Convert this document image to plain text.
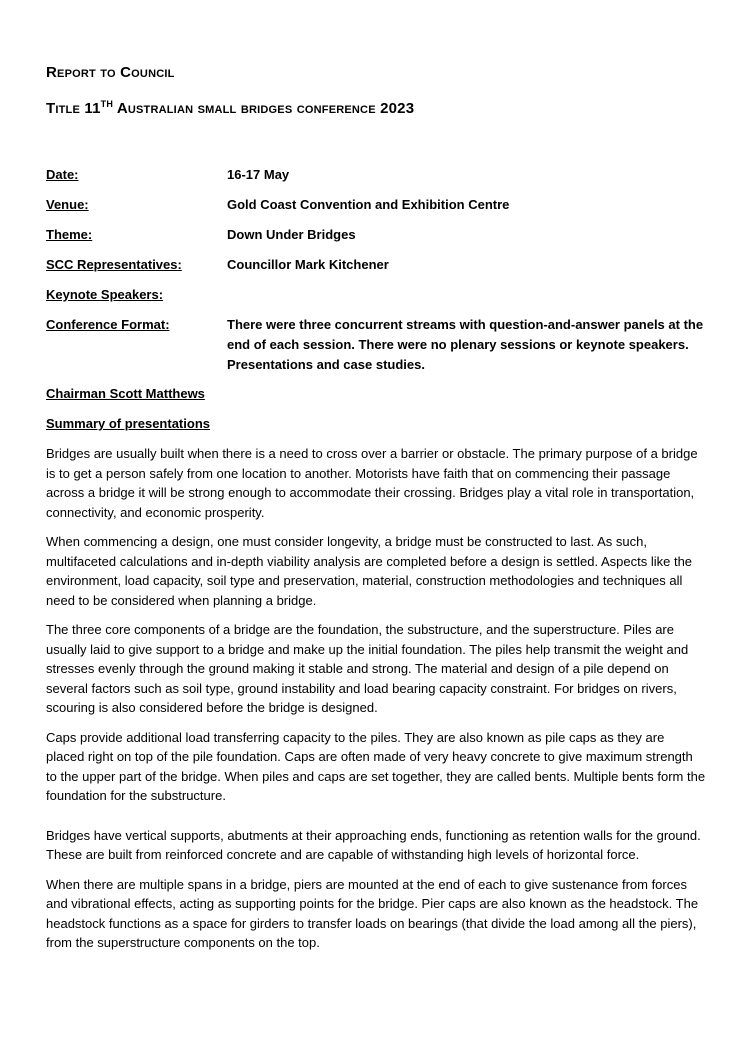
Report to Council
Title 11TH Australian small bridges conference 2023
Date:	16-17 May
Venue:	Gold Coast Convention and Exhibition Centre
Theme:	Down Under Bridges
SCC Representatives:	Councillor Mark Kitchener
Keynote Speakers:
Conference Format:	There were three concurrent streams with question-and-answer panels at the end of each session. There were no plenary sessions or keynote speakers. Presentations and case studies.
Chairman Scott Matthews
Summary of presentations

Bridges are usually built when there is a need to cross over a barrier or obstacle. The primary purpose of a bridge is to get a person safely from one location to another. Motorists have faith that on commencing their passage across a bridge it will be strong enough to accommodate their crossing. Bridges play a vital role in transportation, connectivity, and economic prosperity.

When commencing a design, one must consider longevity, a bridge must be constructed to last. As such, multifaceted calculations and in-depth viability analysis are completed before a design is settled. Aspects like the environment, load capacity, soil type and preservation, material, construction methodologies and techniques all need to be considered when planning a bridge.

The three core components of a bridge are the foundation, the substructure, and the superstructure. Piles are usually laid to give support to a bridge and make up the initial foundation. The piles help transmit the weight and stresses evenly through the ground making it stable and strong. The material and design of a pile depend on several factors such as soil type, ground instability and load bearing capacity constraint. For bridges on rivers, scouring is also considered before the bridge is designed.

Caps provide additional load transferring capacity to the piles. They are also known as pile caps as they are placed right on top of the pile foundation. Caps are often made of very heavy concrete to give maximum strength to the upper part of the bridge. When piles and caps are set together, they are called bents. Multiple bents form the foundation for the substructure.

Bridges have vertical supports, abutments at their approaching ends, functioning as retention walls for the ground. These are built from reinforced concrete and are capable of withstanding high levels of horizontal force.

When there are multiple spans in a bridge, piers are mounted at the end of each to give sustenance from forces and vibrational effects, acting as supporting points for the bridge. Pier caps are also known as the headstock. The headstock functions as a space for girders to transfer loads on bearings (that divide the load among all the piers), from the superstructure components on the top.
